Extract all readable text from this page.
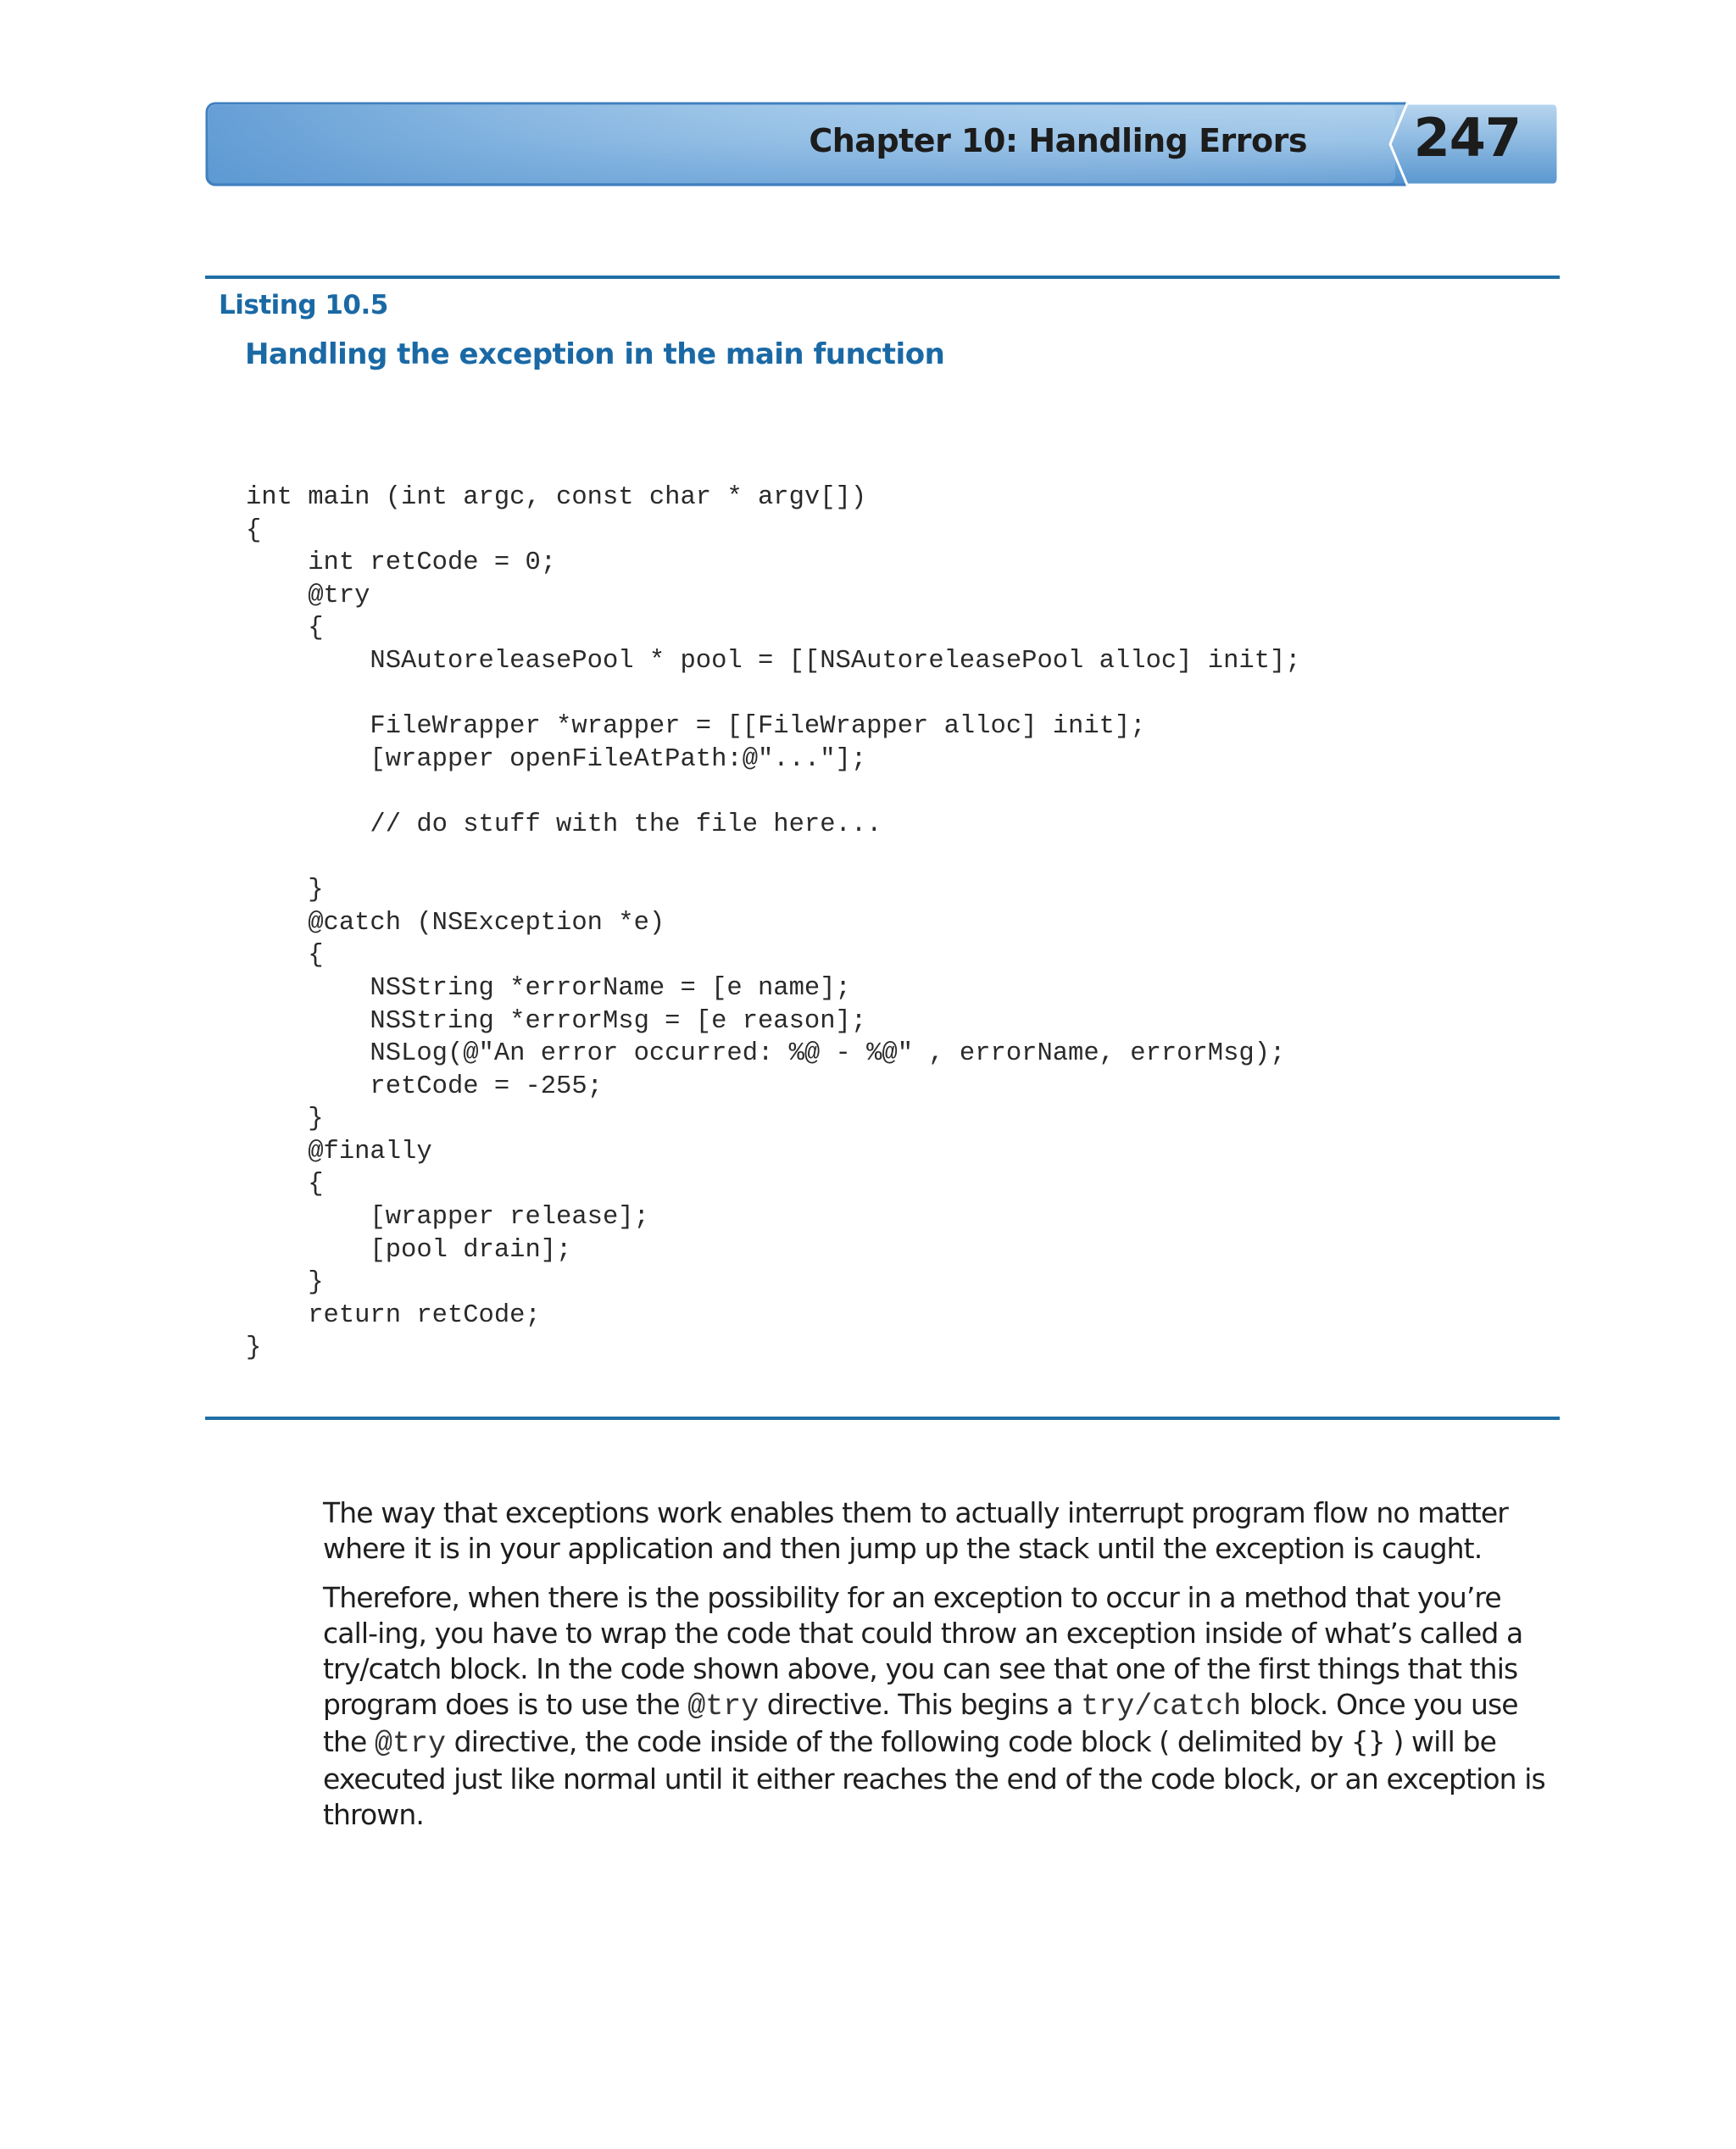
Chapter 10: Handling Errors 247
Listing 10.5
Handling the exception in the main function
int main (int argc, const char * argv[])
{
int retCode = 0;
@try
{
NSAutoreleasePool * pool = [[NSAutoreleasePool alloc] init];
FileWrapper *wrapper = [[FileWrapper alloc] init];
[wrapper openFileAtPath:@"..."];
// do stuff with the file here...
}
@catch (NSException *e)
{
NSString *errorName = [e name];
NSString *errorMsg = [e reason];
NSLog(@"An error occurred: %@ - %@" , errorName, errorMsg);
retCode = -255;
}
@finally
{
[wrapper release];
[pool drain];
}
return retCode;
}

The way that exceptions work enables them to actually interrupt program flow no matter where it is in your application and then jump up the stack until the exception is caught.

Therefore, when there is the possibility for an exception to occur in a method that you’re call-ing, you have to wrap the code that could throw an exception inside of what’s called a try/catch block. In the code shown above, you can see that one of the first things that this program does is to use the @try directive. This begins a try/catch block. Once you use the @try directive, the code inside of the following code block ( delimited by {} ) will be executed just like normal until it either reaches the end of the code block, or an exception is thrown.
